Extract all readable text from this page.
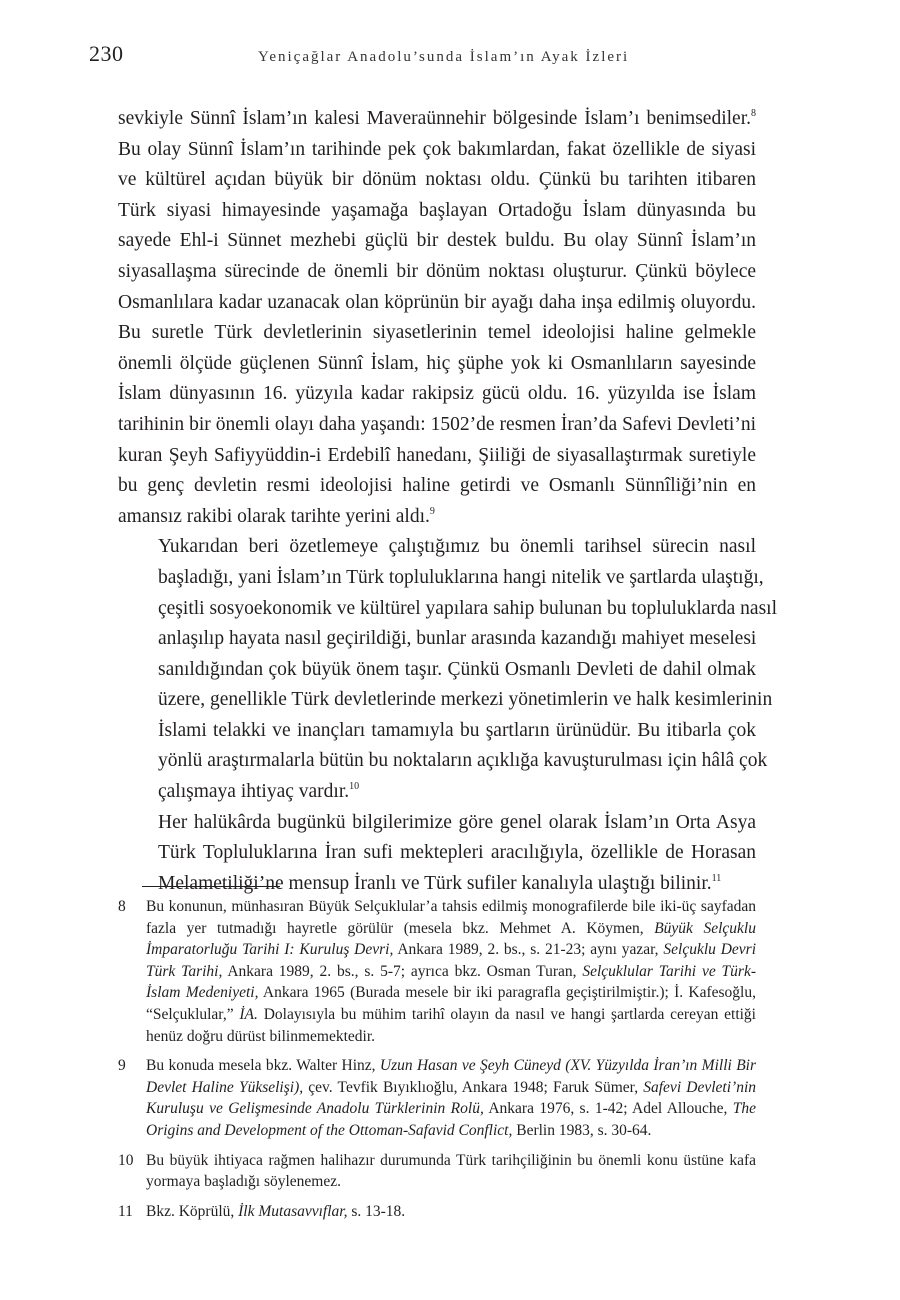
230	Yeniçağlar Anadolu’sunda İslam’ın Ayak İzleri

sevkiyle Sünnî İslam’ın kalesi Maveraünnehir bölgesinde İslam’ı benimsediler.$^8$
Bu olay Sünnî İslam’ın tarihinde pek çok bakımlardan, fakat özellikle de siyasi
ve kültürel açıdan büyük bir dönüm noktası oldu. Çünkü bu tarihten itibaren
Türk siyasi himayesinde yaşamağa başlayan Ortadoğu İslam dünyasında bu
sayede Ehl-i Sünnet mezhebi güçlü bir destek buldu. Bu olay Sünnî İslam’ın
siyasallaşma sürecinde de önemli bir dönüm noktası oluşturur. Çünkü böylece
Osmanlılara kadar uzanacak olan köprünün bir ayağı daha inşa edilmiş oluyordu.
Bu suretle Türk devletlerinin siyasetlerinin temel ideolojisi haline gelmekle
önemli ölçüde güçlenen Sünnî İslam, hiç şüphe yok ki Osmanlıların sayesinde
İslam dünyasının 16. yüzyıla kadar rakipsiz gücü oldu. 16. yüzyılda ise İslam
tarihinin bir önemli olayı daha yaşandı: 1502’de resmen İran’da Safevi Devleti’ni
kuran Şeyh Safiyyüddin-i Erdebilî hanedanı, Şiiliği de siyasallaştırmak suretiyle
bu genç devletin resmi ideolojisi haline getirdi ve Osmanlı Sünnîliği’nin en
amansız rakibi olarak tarihte yerini aldı.$^9$

Yukarıdan beri özetlemeye çalıştığımız bu önemli tarihsel sürecin nasıl
başladığı, yani İslam’ın Türk topluluklarına hangi nitelik ve şartlarda ulaştığı,
çeşitli sosyoekonomik ve kültürel yapılara sahip bulunan bu topluluklarda nasıl
anlaşılıp hayata nasıl geçirildiği, bunlar arasında kazandığı mahiyet meselesi
sanıldığından çok büyük önem taşır. Çünkü Osmanlı Devleti de dahil olmak
üzere, genellikle Türk devletlerinde merkezi yönetimlerin ve halk kesimlerinin
İslami telakki ve inançları tamamıyla bu şartların ürünüdür. Bu itibarla çok
yönlü araştırmalarla bütün bu noktaların açıklığa kavuşturulması için hâlâ çok
çalışmaya ihtiyaç vardır.$^{10}$

Her halükârda bugünkü bilgilerimize göre genel olarak İslam’ın Orta Asya
Türk Topluluklarına İran sufi mektepleri aracılığıyla, özellikle de Horasan
Melametiliği’ne mensup İranlı ve Türk sufiler kanalıyla ulaştığı bilinir.$^{11}$

8	Bu konunun, münhasıran Büyük Selçuklular’a tahsis edilmiş monografilerde bile iki-üç sayfadan fazla yer tutmadığı hayretle görülür (mesela bkz. Mehmet A. Köymen, Büyük Selçuklu İmparatorluğu Tarihi I: Kuruluş Devri, Ankara 1989, 2. bs., s. 21-23; aynı yazar, Selçuklu Devri Türk Tarihi, Ankara 1989, 2. bs., s. 5-7; ayrıca bkz. Osman Turan, Selçuklular Tarihi ve Türk-İslam Medeniyeti, Ankara 1965 (Burada mesele bir iki paragrafla geçiştirilmiştir.); İ. Kafesoğlu, “Selçuklular,” İA. Dolayısıyla bu mühim tarihî olayın da nasıl ve hangi şartlarda cereyan ettiği henüz doğru dürüst bilinmemektedir.
9	Bu konuda mesela bkz. Walter Hinz, Uzun Hasan ve Şeyh Cüneyd (XV. Yüzyılda İran’ın Milli Bir Devlet Haline Yükselişi), çev. Tevfik Bıyıklıoğlu, Ankara 1948; Faruk Sümer, Safevi Devleti’nin Kuruluşu ve Gelişmesinde Anadolu Türklerinin Rolü, Ankara 1976, s. 1-42; Adel Allouche, The Origins and Development of the Ottoman-Safavid Conflict, Berlin 1983, s. 30-64.
10 Bu büyük ihtiyaca rağmen halihazır durumunda Türk tarihçiliğinin bu önemli konu üstüne kafa yormaya başladığı söylenemez.
11 Bkz. Köprülü, İlk Mutasavvıflar, s. 13-18.
